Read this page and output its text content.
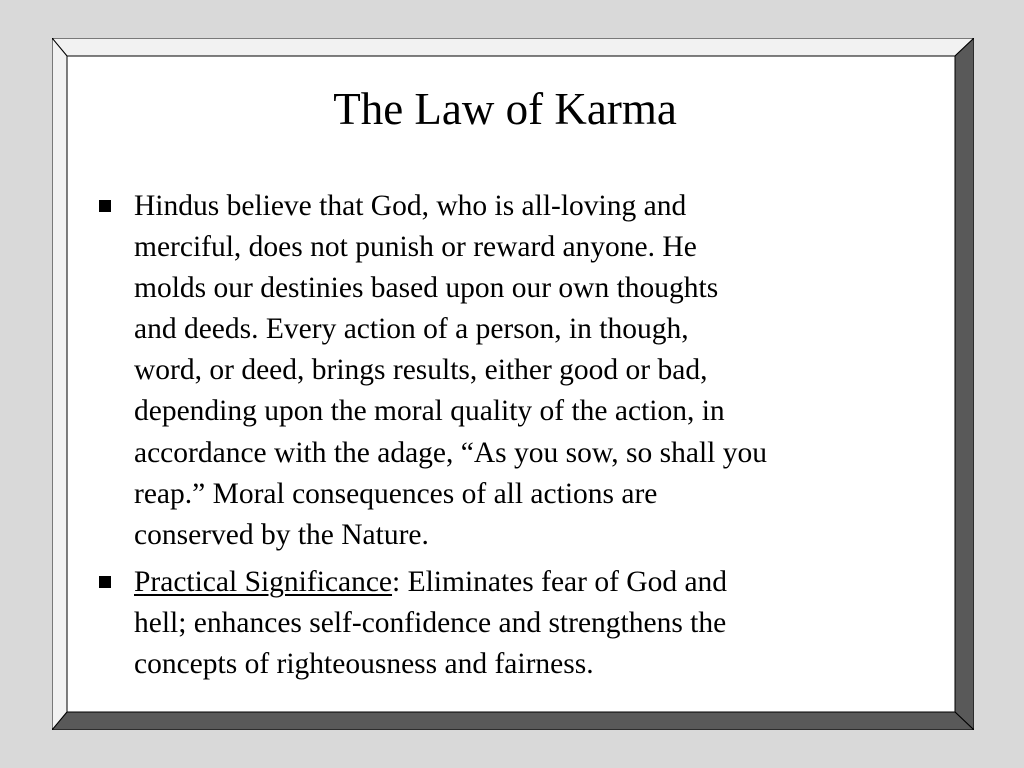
The Law of Karma
Hindus believe that God, who is all-loving and
merciful, does not punish or reward anyone. He
molds our destinies based upon our own thoughts
and deeds. Every action of a person, in though,
word, or deed, brings results, either good or bad,
depending upon the moral quality of the action, in
accordance with the adage, “As you sow, so shall you
reap.” Moral consequences of all actions are
conserved by the Nature.
Practical Significance: Eliminates fear of God and
hell; enhances self-confidence and strengthens the
concepts of righteousness and fairness.
